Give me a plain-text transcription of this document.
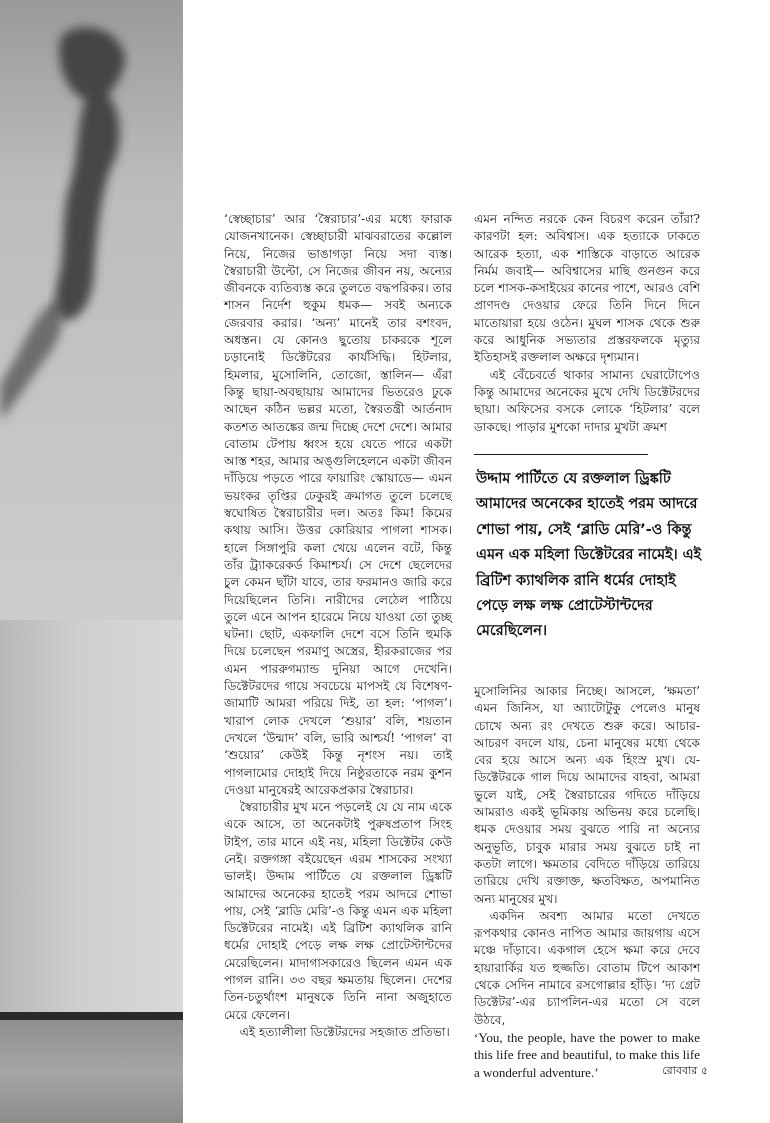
‘স্বেচ্ছাচার’ আর ‘স্বৈরাচার’-এর মধ্যে ফারাক যোজনখানেক। স্বেচ্ছাচারী মাঝবরাতের কল্লোল নিয়ে, নিজের ভাঙাগড়া নিয়ে সদা ব্যস্ত। স্বৈরাচারী উল্টো, সে নিজের জীবন নয়, অন্যের জীবনকে ব্যতিব্যস্ত করে তুলতে বদ্ধপরিকর। তার শাসন নির্দেশ হুকুম ধমক— সবই অন্যকে জেরবার করার। ‘অন্য’ মানেই তার বশংবদ, অধস্তন। যে কোনও ছুতোয় চাকরকে শূলে চড়ানোই ডিক্টেটরের কার্যসিদ্ধি। হিটলার, হিমলার, মুসোলিনি, তোজো, স্তালিন— এঁরা কিন্তু ছায়া-অবছায়ায় আমাদের ভিতরেও ঢুকে আছেন কঠিন ভল্লর মতো, স্বৈরতন্ত্রী আর্তনাদ কতশত আতঙ্কের জন্ম দিচ্ছে দেশে দেশে। আমার বোতাম টেপায় ধ্বংস হয়ে যেতে পারে একটা আস্ত শহর, আমার অঙ্গুলিহেলনে একটা জীবন দাঁড়িয়ে পড়তে পারে ফায়ারিং স্কোয়াডে— এমন ভয়ংকর তৃপ্তির ঢেকুরই ক্রমাগত তুলে চলেছে স্বঘোষিত স্বৈরাচারীর দল। অতঃ কিম! কিমের কথায় আসি। উত্তর কোরিয়ার পাগলা শাসক। হালে সিঙ্গাপুরি কলা খেয়ে এলেন বটে, কিন্তু তাঁর ট্র্যাকরেকর্ড কিমাশ্চর্য। সে দেশে ছেলেদের চুল কেমন ছাঁটা যাবে, তার ফরমানও জারি করে দিয়েছিলেন তিনি। নারীদের লেঠেল পাঠিয়ে তুলে এনে আপন হারেমে নিয়ে যাওয়া তো তুচ্ছ ঘটনা। ছোট, একফালি দেশে বসে তিনি হুমকি দিয়ে চলেছেন পরমাণু অস্ত্রের, হীরকরাজের পর এমন পাররুগম্যান্ড দুনিয়া আগে দেখেনি। ডিক্টেটরদের গায়ে সবচেয়ে মাপসই যে বিশেষণ-জামাটি আমরা পরিয়ে দিই, তা হল: ‘পাগল’। খারাপ লোক দেখলে ‘শুয়ার’ বলি, শয়তান দেখলে ‘উন্মাদ’ বলি, ভারি আশ্চর্য! ‘পাগল’ বা ‘শুয়োর’ কেউই কিন্তু নৃশংস নয়। তাই পাগলামোর দোহাই দিয়ে নিষ্ঠুরতাকে নরম কুশন দেওয়া মানুষেরই আরেকপ্রকার স্বৈরাচার।

স্বৈরাচারীর মুখ মনে পড়লেই যে যে নাম একে একে আসে, তা অনেকটাই পুরুষপ্রতাপ সিংহ টাইপ, তার মানে এই নয়, মহিলা ডিক্টেটর কেউ নেই। রক্তগঙ্গা বইয়েছেন এরম শাসকের সংখ্যা ভালই। উদ্দাম পার্টিতে যে রক্তলাল ড্রিঙ্কটি আমাদের অনেকের হাতেই পরম আদরে শোভা পায়, সেই ‘ব্লাডি মেরি’-ও কিন্তু এমন এক মহিলা ডিক্টেটরের নামেই। এই ব্রিটিশ ক্যাথলিক রানি ধর্মের দোহাই পেড়ে লক্ষ লক্ষ প্রোটেস্টান্টদের মেরেছিলেন। মাদাগাসকারেও ছিলেন এমন এক পাগল রানি। ৩৩ বছর ক্ষমতায় ছিলেন। দেশের তিন-চতুর্থাংশ মানুষকে তিনি নানা অজুহাতে মেরে ফেলেন।

এই হত্যালীলা ডিক্টেটরদের সহজাত প্রতিভা।

এমন নন্দিত নরকে কেন বিচরণ করেন তাঁরা? কারণটা হল: অবিশ্বাস। এক হত্যাকে ঢাকতে আরেক হত্যা, এক শাস্তিকে বাড়াতে আরেক নির্মম জবাই— অবিশ্বাসের মাছি গুনগুন করে চলে শাসক-কসাইয়ের কানের পাশে, আরও বেশি প্রাণদণ্ড দেওয়ার ফেরে তিনি দিনে দিনে মাতোয়ারা হয়ে ওঠেন। মুঘল শাসক থেকে শুরু করে আধুনিক সভ্যতার প্রস্তরফলকে মৃত্যুর ইতিহাসই রক্তলাল অক্ষরে দৃশ্যমান।

এই বেঁচেবর্তে থাকার সামান্য ঘেরাটোপেও কিন্তু আমাদের অনেকের মুখে দেখি ডিক্টেটরদের ছায়া। অফিসের বসকে লোকে ‘হিটলার’ বলে ডাকছে। পাড়ার মুশকো দাদার মুখটা ক্রমশ

উদ্দাম পার্টিতে যে রক্তলাল ড্রিঙ্কটি আমাদের অনেকের হাতেই পরম আদরে শোভা পায়, সেই ‘ব্লাডি মেরি’-ও কিন্তু এমন এক মহিলা ডিক্টেটরের নামেই। এই ব্রিটিশ ক্যাথলিক রানি ধর্মের দোহাই পেড়ে লক্ষ লক্ষ প্রোটেস্টান্টদের মেরেছিলেন।

মুসোলিনির আকার নিচ্ছে। আসলে, ‘ক্ষমতা’ এমন জিনিস, যা অ্যাটোটুকু পেলেও মানুষ চোখে অন্য রং দেখতে শুরু করে। আচার-আচরণ বদলে যায়, চেনা মানুষের মধ্যে থেকে বের হয়ে আসে অন্য এক হিংস্র মুখ। যে-ডিক্টেটরকে গাল দিয়ে আমাদের বাহবা, আমরা ভুলে যাই, সেই স্বৈরাচারের গদিতে দাঁড়িয়ে আমরাও একই ভূমিকায় অভিনয় করে চলেছি। ধমক দেওয়ার সময় বুঝতে পারি না অন্যের অনুভূতি, চাবুক মারার সময় বুঝতে চাই না কতটা লাগে। ক্ষমতার বেদিতে দাঁড়িয়ে তারিয়ে তারিয়ে দেখি রক্তাক্ত, ক্ষতবিক্ষত, অপমানিত অন্য মানুষের মুখ।

একদিন অবশ্য আমার মতো দেখতে রূপকথার কোনও নাপিত আমার জায়গায় এসে মঞ্চে দাঁড়াবে। একগাল হেসে ক্ষমা করে দেবে হায়ারার্কির যত হুজ্জতি। বোতাম টিপে আকাশ থেকে সেদিন নামাবে রসগোল্লার হাঁড়ি। ‘দ্য গ্রেট ডিক্টেটর’-এর চ্যাপলিন-এর মতো সে বলে উঠবে,

‘You, the people, have the power to make this life free and beautiful, to make this life a wonderful adventure.’	রোববার ৫
